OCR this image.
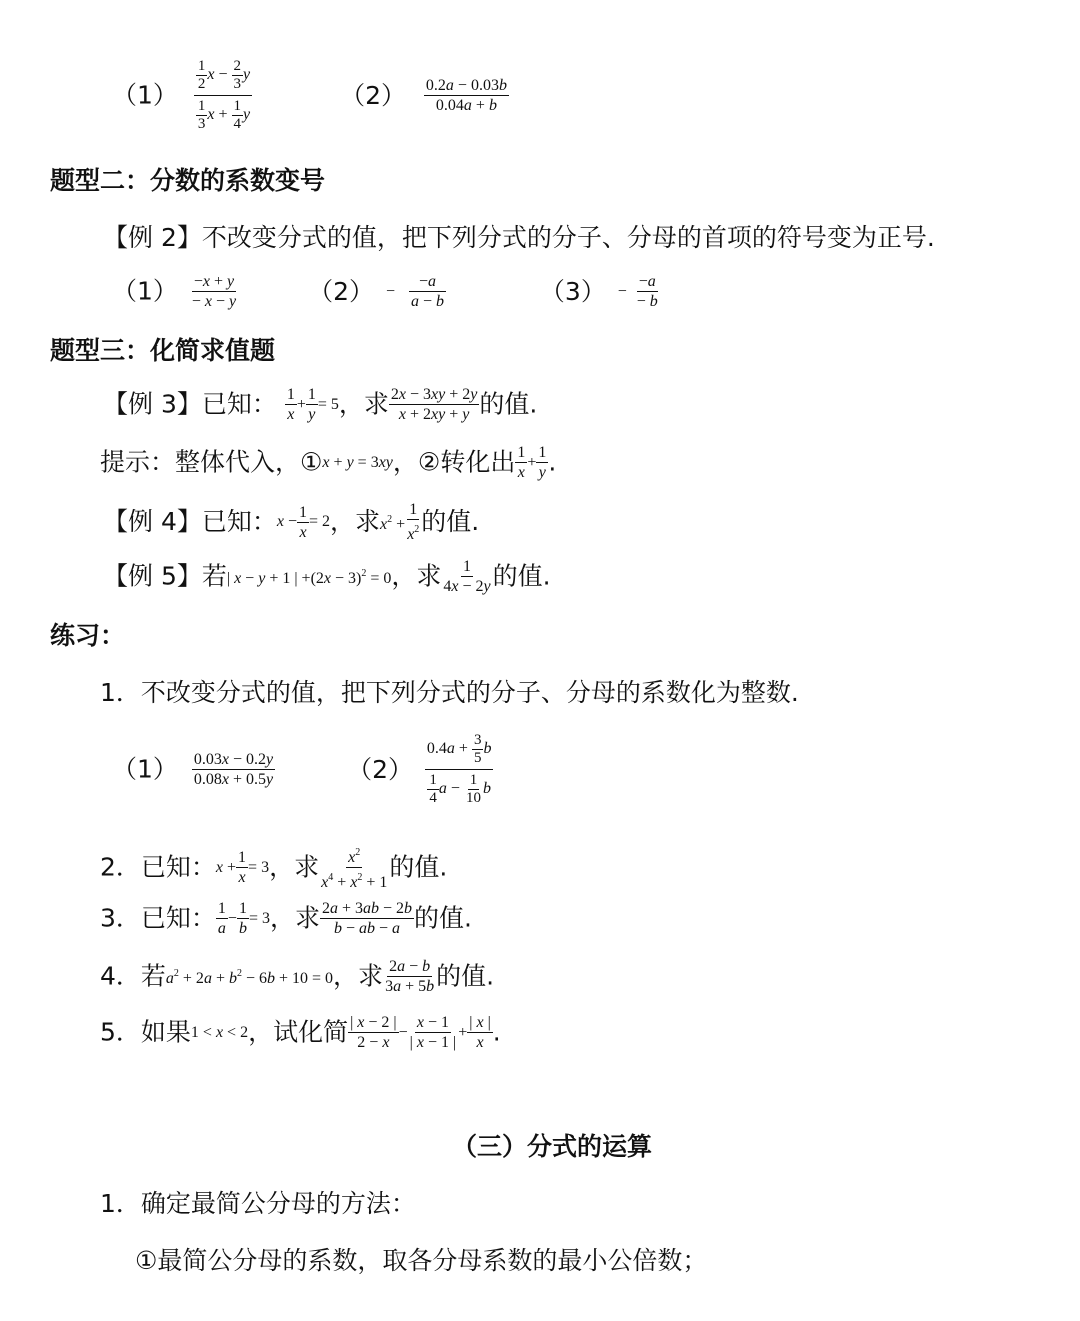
$(1) \frac{\frac{1}{2} x - \frac{2}{3} y}{\frac{1}{3} x + \frac{1}{4} y}$	$(2) \frac{0.2a - 0.03b}{0.04a + b}$
题型二：分数的系数变号
【例 2】不改变分式的值，把下列分式的分子、分母的首项的符号变为正号.
$(1) \frac{-x + y}{- x - y}$	$(2) - \frac{-a}{a - b}$	$(3) - \frac{-a}{- b}$
题型三：化简求值题
【例 3】已知： $\frac{1}{x} + \frac{1}{y} = 5$，求 $\frac{2x - 3xy + 2y}{x + 2xy + y}$ 的值.
提示：整体代入，①x + y = 3xy，②转化出 $\frac{1}{x} + \frac{1}{y}$ .
【例 4】已知：$x - \frac{1}{x} = 2$，求$x^2 + \frac{1}{x^2}$ 的值.
【例 5】若| x − y + 1 | $+(2x - 3)^2 = 0$，求 $\frac{1}{4x - 2y}$ 的值.
练习：
1．不改变分式的值，把下列分式的分子、分母的系数化为整数.
$(1) \frac{0.03x - 0.2y}{0.08x + 0.5y}$	$(2) \frac{0.4a + \frac{3}{5} b}{\frac{1}{4} a - \frac{1}{10} b}$
2．已知：$x + \frac{1}{x} = 3$，求 $\frac{x^2}{x^4 + x^2 + 1}$ 的值.
3．已知： $\frac{1}{a} - \frac{1}{b} = 3$，求 $\frac{2a + 3ab - 2b}{b - ab - a}$ 的值.
4．若$a^2 + 2a + b^2 - 6b + 10 = 0$，求 $\frac{2a - b}{3a + 5b}$ 的值.
5．如果1 < x < 2，试化简 $\frac{| x - 2 |}{2 - x} - \frac{x - 1}{| x - 1 |} + \frac{| x |}{x}$ .
（三）分式的运算
1．确定最简公分母的方法：
①最简公分母的系数，取各分母系数的最小公倍数；
